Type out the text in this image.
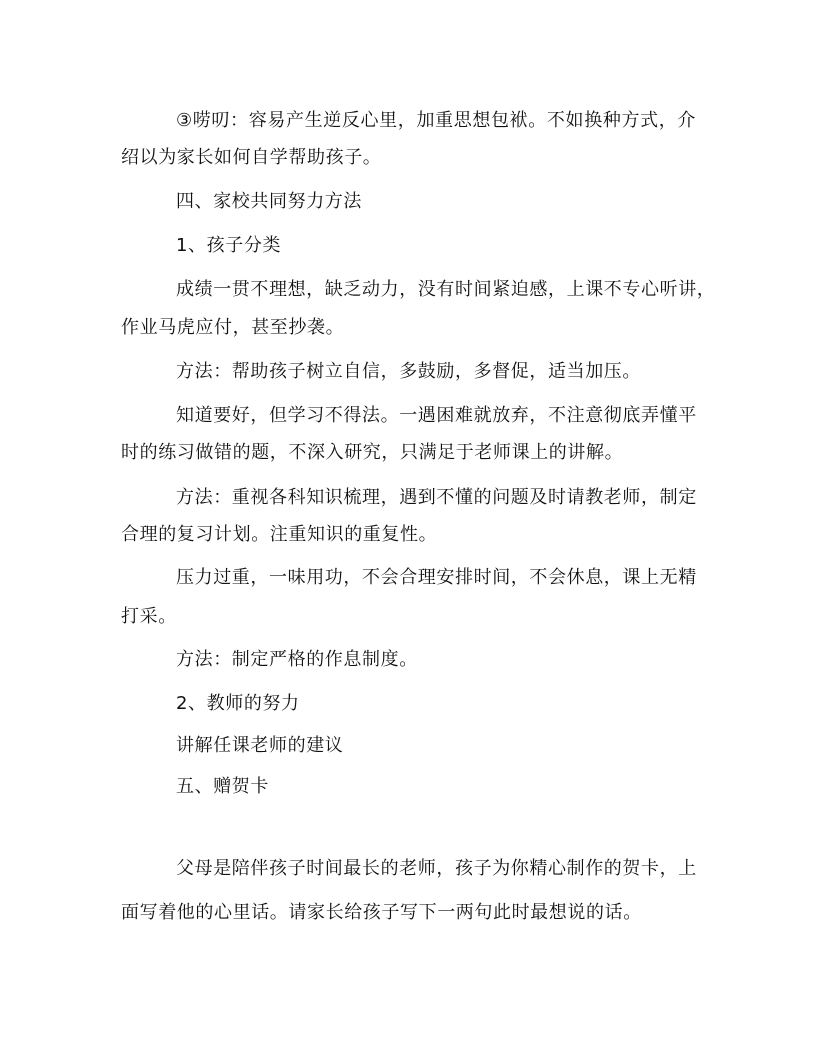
③唠叨：容易产生逆反心里，加重思想包袱。不如换种方式，介
绍以为家长如何自学帮助孩子。
四、家校共同努力方法
1、孩子分类
成绩一贯不理想，缺乏动力，没有时间紧迫感，上课不专心听讲，
作业马虎应付，甚至抄袭。
方法：帮助孩子树立自信，多鼓励，多督促，适当加压。
知道要好，但学习不得法。一遇困难就放弃，不注意彻底弄懂平
时的练习做错的题，不深入研究，只满足于老师课上的讲解。
方法：重视各科知识梳理，遇到不懂的问题及时请教老师，制定
合理的复习计划。注重知识的重复性。
压力过重，一味用功，不会合理安排时间，不会休息，课上无精
打采。
方法：制定严格的作息制度。
2、教师的努力
讲解任课老师的建议
五、赠贺卡
父母是陪伴孩子时间最长的老师，孩子为你精心制作的贺卡，上
面写着他的心里话。请家长给孩子写下一两句此时最想说的话。
